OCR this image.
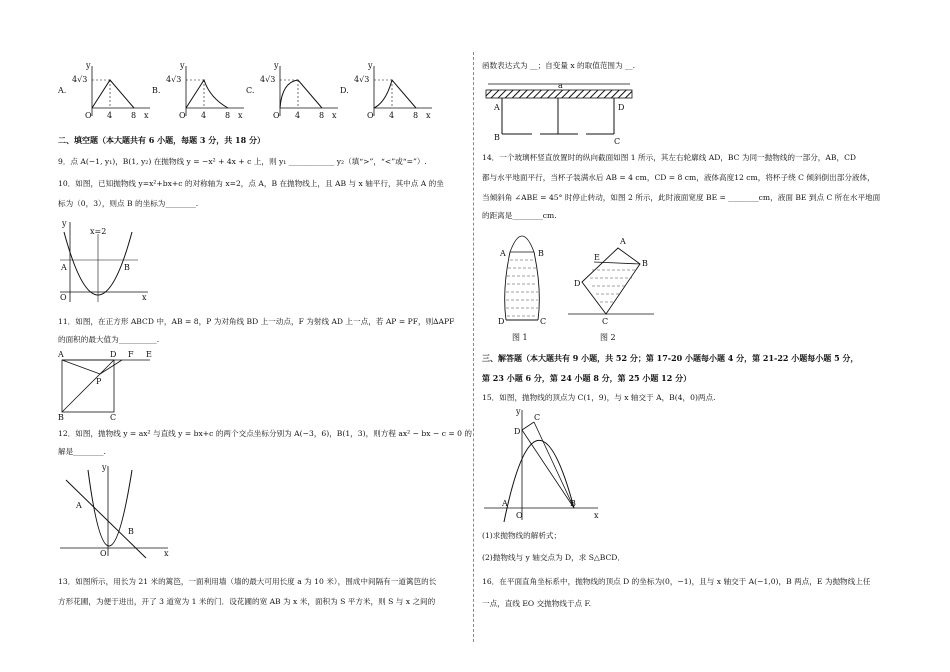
A.	B.	C.	D.
y
4√3
O 4 8 x
y
4√3
O 4 8 x
y
4√3
O 4 8 x
y
4√3
O 4 8 x
二、填空题（本大题共有 6 小题，每题 3 分，共 18 分）
9．点 A(−1, y₁)，B(1, y₂) 在抛物线 y = −x² + 4x + c 上，则 y₁ ____________ y₂（填“>”，“<”或“=”）.
10．如图，已知抛物线 y=x²+bx+c 的对称轴为 x=2，点 A，B 在抛物线上，且 AB 与 x 轴平行，其中点 A 的坐
标为（0，3），则点 B 的坐标为________.
y
x=2
A	B
O	x
11．如图，在正方形 ABCD 中，AB = 8，P 为对角线 BD 上一动点，F 为射线 AD 上一点，若 AP = PF，则∆APF
的面积的最大值为__________.
A	D F E
P
B	C
12．如图，抛物线 y = ax² 与直线 y = bx+c 的两个交点坐标分别为 A(−3，6)，B(1，3)，则方程 ax² − bx − c = 0 的
解是________.
y
A
B
O	x
13．如图所示，用长为 21 米的篱笆，一面利用墙（墙的最大可用长度 a 为 10 米），围成中间隔有一道篱笆的长
方形花圃，为便于进出，开了 3 道宽为 1 米的门．设花圃的宽 AB 为 x 米，面积为 S 平方米，则 S 与 x 之间的
函数表达式为 __；自变量 x 的取值范围为 __.
a
A	D
B	C
14．一个玻璃杯竖直放置时的纵向截面如图 1 所示，其左右轮廓线 AD，BC 为同一抛物线的一部分，AB，CD
都与水平地面平行，当杯子装满水后 AB = 4 cm，CD = 8 cm，液体高度12 cm，将杯子绕 C 倾斜倒出部分液体，
当倾斜角 ∠ABE = 45° 时停止转动，如图 2 所示，此时液面宽度 BE = ________cm，液面 BE 到点 C 所在水平地面
的距离是________cm.
A	B
D	C
图 1
A
E
B
D
C
图 2
三、解答题（本大题共有 9 小题，共 52 分；第 17-20 小题每小题 4 分，第 21-22 小题每小题 5 分，
第 23 小题 6 分，第 24 小题 8 分，第 25 小题 12 分）
15．如图，抛物线的顶点为 C(1，9)，与 x 轴交于 A，B(4，0)两点.
y
C
D
A
O
B
x
(1)求抛物线的解析式；
(2)抛物线与 y 轴交点为 D，求 S△BCD．
16．在平面直角坐标系中，抛物线的顶点 D 的坐标为(0，−1)，且与 x 轴交于 A(−1,0)，B 两点，E 为抛物线上任
一点，直线 EO 交抛物线于点 F.
